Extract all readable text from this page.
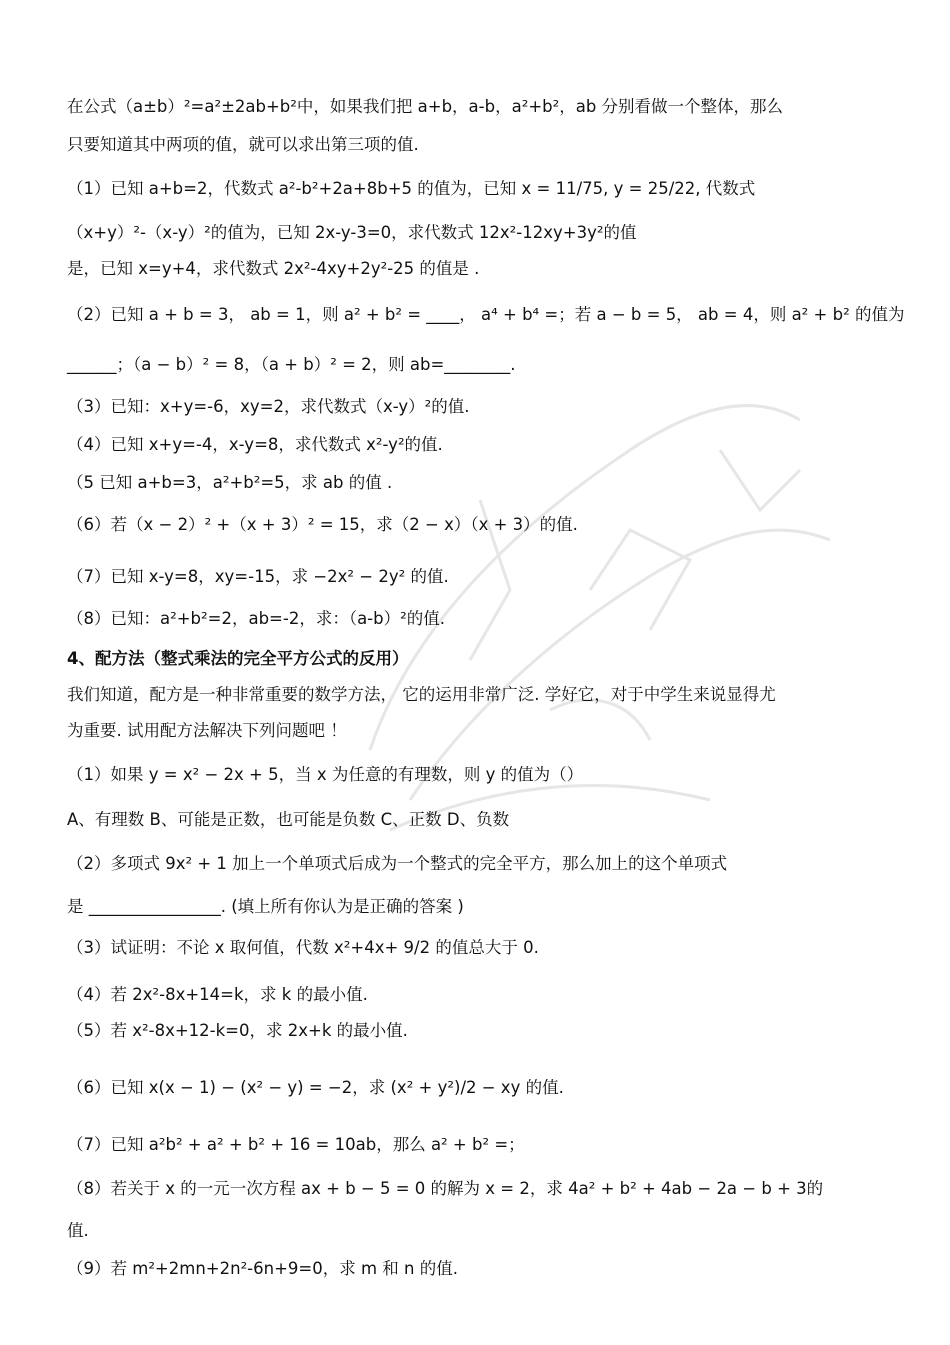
在公式（a±b）²=a²±2ab+b²中，如果我们把 a+b，a-b，a²+b²，ab 分别看做一个整体，那么
只要知道其中两项的值，就可以求出第三项的值.
（1）已知 a+b=2，代数式 a²-b²+2a+8b+5 的值为，已知 x = 11/75, y = 25/22, 代数式
（x+y）²-（x-y）²的值为，已知 2x-y-3=0，求代数式 12x²-12xy+3y²的值
是，已知 x=y+4，求代数式 2x²-4xy+2y²-25 的值是 .
（2）已知 a + b = 3， ab = 1，则 a² + b² = ____， a⁴ + b⁴ =；若 a − b = 5， ab = 4，则 a² + b² 的值为
______；（a − b）² = 8，（a + b）² = 2，则 ab=________.
（3）已知：x+y=-6，xy=2，求代数式（x-y）²的值.
（4）已知 x+y=-4，x-y=8，求代数式 x²-y²的值.
（5 已知 a+b=3，a²+b²=5，求 ab 的值 .
（6）若（x − 2）² +（x + 3）² = 15，求（2 − x）（x + 3）的值.
（7）已知 x-y=8，xy=-15，求 −2x² − 2y² 的值.
（8）已知：a²+b²=2，ab=-2，求：（a-b）²的值.
4、配方法（整式乘法的完全平方公式的反用）
我们知道，配方是一种非常重要的数学方法， 它的运用非常广泛. 学好它，对于中学生来说显得尤
为重要. 试用配方法解决下列问题吧 ！
（1）如果 y = x² − 2x + 5，当 x 为任意的有理数，则 y 的值为（）
A、有理数 B、可能是正数，也可能是负数 C、正数 D、负数
（2）多项式 9x² + 1 加上一个单项式后成为一个整式的完全平方，那么加上的这个单项式
是 ________________. (填上所有你认为是正确的答案 )
（3）试证明：不论 x 取何值，代数 x²+4x+ 9/2 的值总大于 0.
（4）若 2x²-8x+14=k，求 k 的最小值.
（5）若 x²-8x+12-k=0，求 2x+k 的最小值.
（6）已知 x(x − 1) − (x² − y) = −2，求 (x² + y²)/2 − xy 的值.
（7）已知 a²b² + a² + b² + 16 = 10ab，那么 a² + b² =；
（8）若关于 x 的一元一次方程 ax + b − 5 = 0 的解为 x = 2，求 4a² + b² + 4ab − 2a − b + 3的
值.
（9）若 m²+2mn+2n²-6n+9=0，求 m 和 n 的值.
